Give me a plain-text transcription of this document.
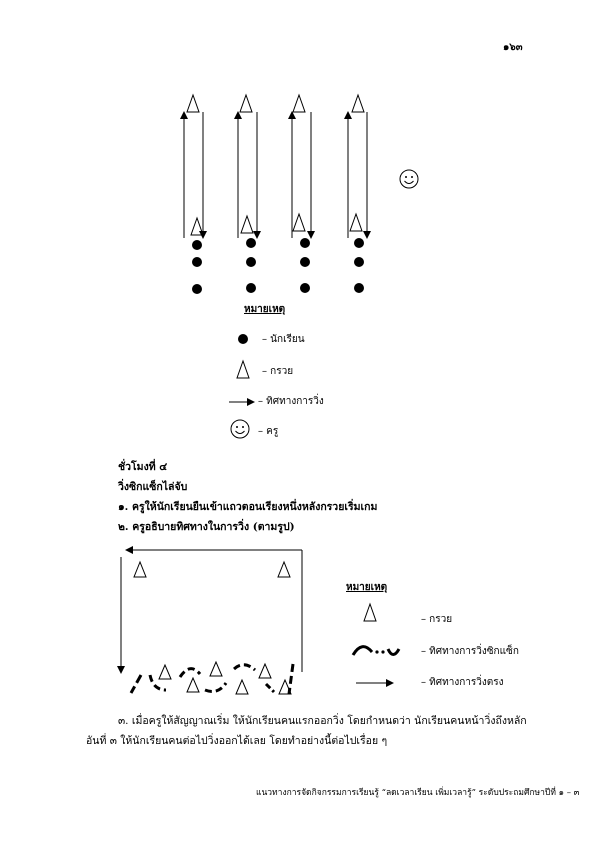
๑๖๓
หมายเหตุ
– นักเรียน
– กรวย
– ทิศทางการวิ่ง
– ครู
ชั่วโมงที่ ๔
วิ่งซิกแซ็กไล่จับ
๑. ครูให้นักเรียนยืนเข้าแถวตอนเรียงหนึ่งหลังกรวยเริ่มเกม
๒. ครูอธิบายทิศทางในการวิ่ง (ตามรูป)
หมายเหตุ
– กรวย
– ทิศทางการวิ่งซิกแซ็ก
– ทิศทางการวิ่งตรง
๓. เมื่อครูให้สัญญาณเริ่ม ให้นักเรียนคนแรกออกวิ่ง โดยกำหนดว่า นักเรียนคนหน้าวิ่งถึงหลัก
อันที่ ๓ ให้นักเรียนคนต่อไปวิ่งออกได้เลย โดยทำอย่างนี้ต่อไปเรื่อย ๆ
แนวทางการจัดกิจกรรมการเรียนรู้ “ลดเวลาเรียน เพิ่มเวลารู้” ระดับประถมศึกษาปีที่ ๑ – ๓
